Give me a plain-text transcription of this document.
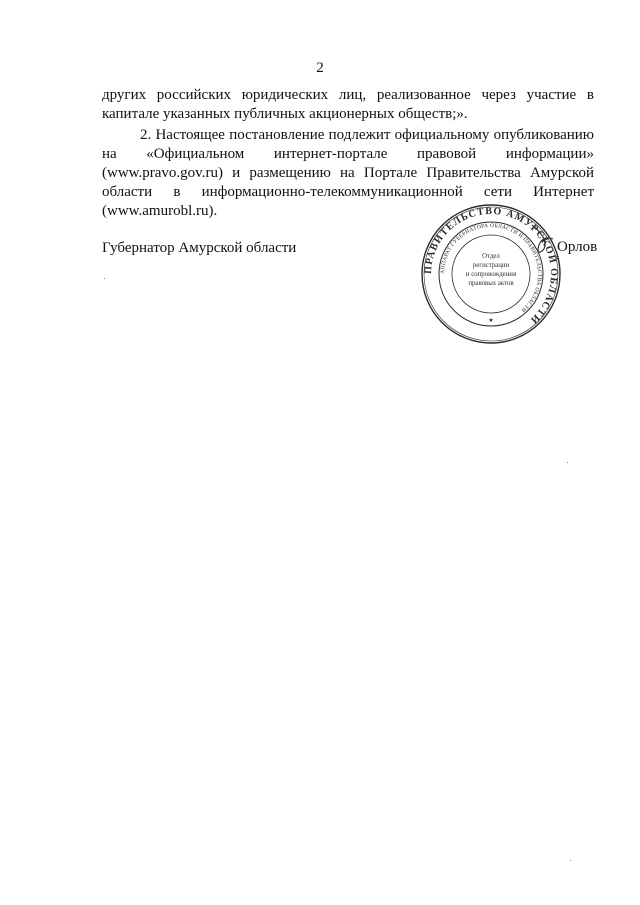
2

других российских юридических лиц, реализованное через участие в капитале указанных публичных акционерных обществ;».

2. Настоящее постановление подлежит официальному опубликованию на «Официальном интернет-портале правовой информации» (www.pravo.gov.ru) и размещению на Портале Правительства Амурской области в информационно-телекоммуникационной сети Интернет (www.amurobl.ru).

Губернатор Амурской области	Орлов
ПРАВИТЕЛЬСТВО АМУРСКОЙ ОБЛАСТИ
АППАРАТ ГУБЕРНАТОРА ОБЛАСТИ И ПРАВИТЕЛЬСТВА ОБЛАСТИ
Отдел
регистрации
и сопровождения
правовых актов
★
